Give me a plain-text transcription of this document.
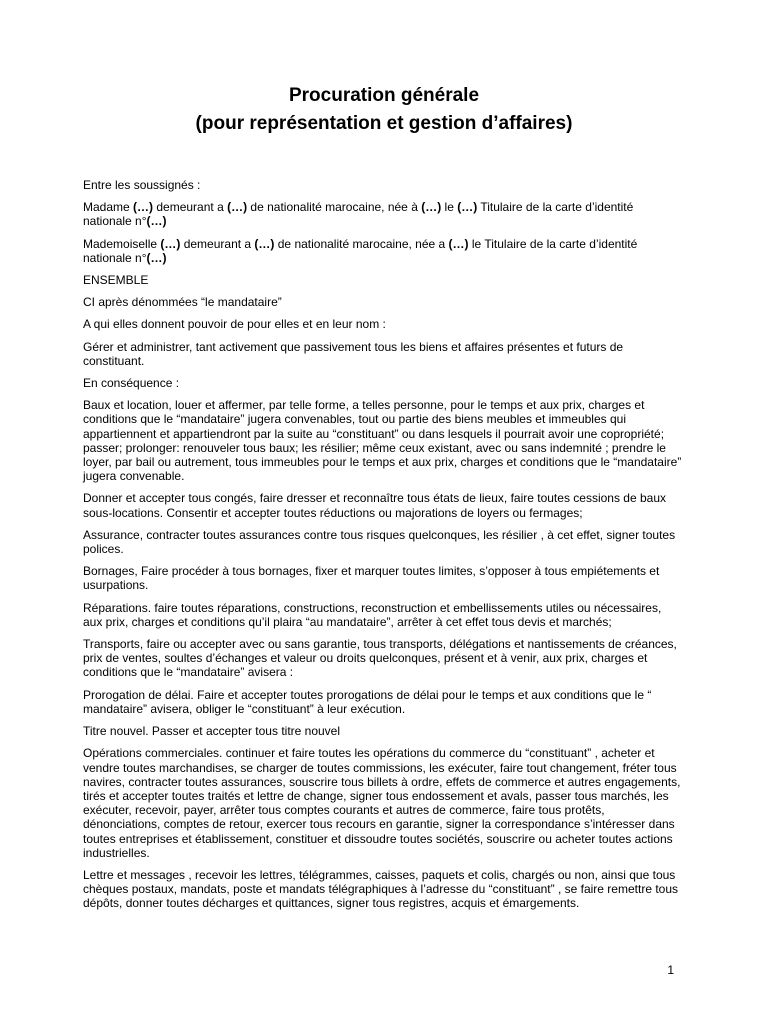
Procuration générale
(pour représentation et gestion d’affaires)

Entre les soussignés :

Madame (…) demeurant a (…) de nationalité marocaine, née à (…) le (…) Titulaire de la carte d’identité nationale n°(…)

Mademoiselle (…) demeurant a (…) de nationalité marocaine, née a (…) le Titulaire de la carte d’identité nationale n°(…)

ENSEMBLE

CI après dénommées “le mandataire”

A qui elles donnent pouvoir de pour elles et en leur nom :

Gérer et administrer, tant activement que passivement tous les biens et affaires présentes et futurs de constituant.

En conséquence :

Baux et location, louer et affermer, par telle forme, a telles personne, pour le temps et aux prix, charges et conditions que le “mandataire” jugera convenables, tout ou partie des biens meubles et immeubles qui appartiennent et appartiendront par la suite au “constituant” ou dans lesquels il pourrait avoir une copropriété; passer; prolonger: renouveler tous baux; les résilier; même ceux existant, avec ou sans indemnité ; prendre le loyer, par bail ou autrement, tous immeubles pour le temps et aux prix, charges et conditions que le “mandataire” jugera convenable.

Donner et accepter tous congés, faire dresser et reconnaître tous états de lieux, faire toutes cessions de baux sous-locations. Consentir et accepter toutes réductions ou majorations de loyers ou fermages;

Assurance, contracter toutes assurances contre tous risques quelconques, les résilier , à cet effet, signer toutes polices.

Bornages, Faire procéder à tous bornages, fixer et marquer toutes limites, s’opposer à tous empiétements et usurpations.

Réparations. faire toutes réparations, constructions, reconstruction et embellissements utiles ou nécessaires, aux prix, charges et conditions qu’il plaira “au mandataire”, arrêter à cet effet tous devis et marchés;

Transports, faire ou accepter avec ou sans garantie, tous transports, délégations et nantissements de créances, prix de ventes, soultes d’échanges et valeur ou droits quelconques, présent et à venir, aux prix, charges et conditions que le “mandataire” avisera :

Prorogation de délai. Faire et accepter toutes prorogations de délai pour le temps et aux conditions que le “ mandataire” avisera, obliger le “constituant” à leur exécution.

Titre nouvel. Passer et accepter tous titre nouvel

Opérations commerciales. continuer et faire toutes les opérations du commerce du “constituant” , acheter et vendre toutes marchandises, se charger de toutes commissions, les exécuter, faire tout changement, fréter tous navires, contracter toutes assurances, souscrire tous billets à ordre, effets de commerce et autres engagements, tirés et accepter toutes traités et lettre de change, signer tous endossement et avals, passer tous marchés, les exécuter, recevoir, payer, arrêter tous comptes courants et autres de commerce, faire tous protêts, dénonciations, comptes de retour, exercer tous recours en garantie, signer la correspondance s’intéresser dans toutes entreprises et établissement, constituer et dissoudre toutes sociétés, souscrire ou acheter toutes actions industrielles.

Lettre et messages , recevoir les lettres, télégrammes, caisses, paquets et colis, chargés ou non, ainsi que tous chèques postaux, mandats, poste et mandats télégraphiques à l’adresse du “constituant” , se faire remettre tous dépôts, donner toutes décharges et quittances, signer tous registres, acquis et émargements.

1
